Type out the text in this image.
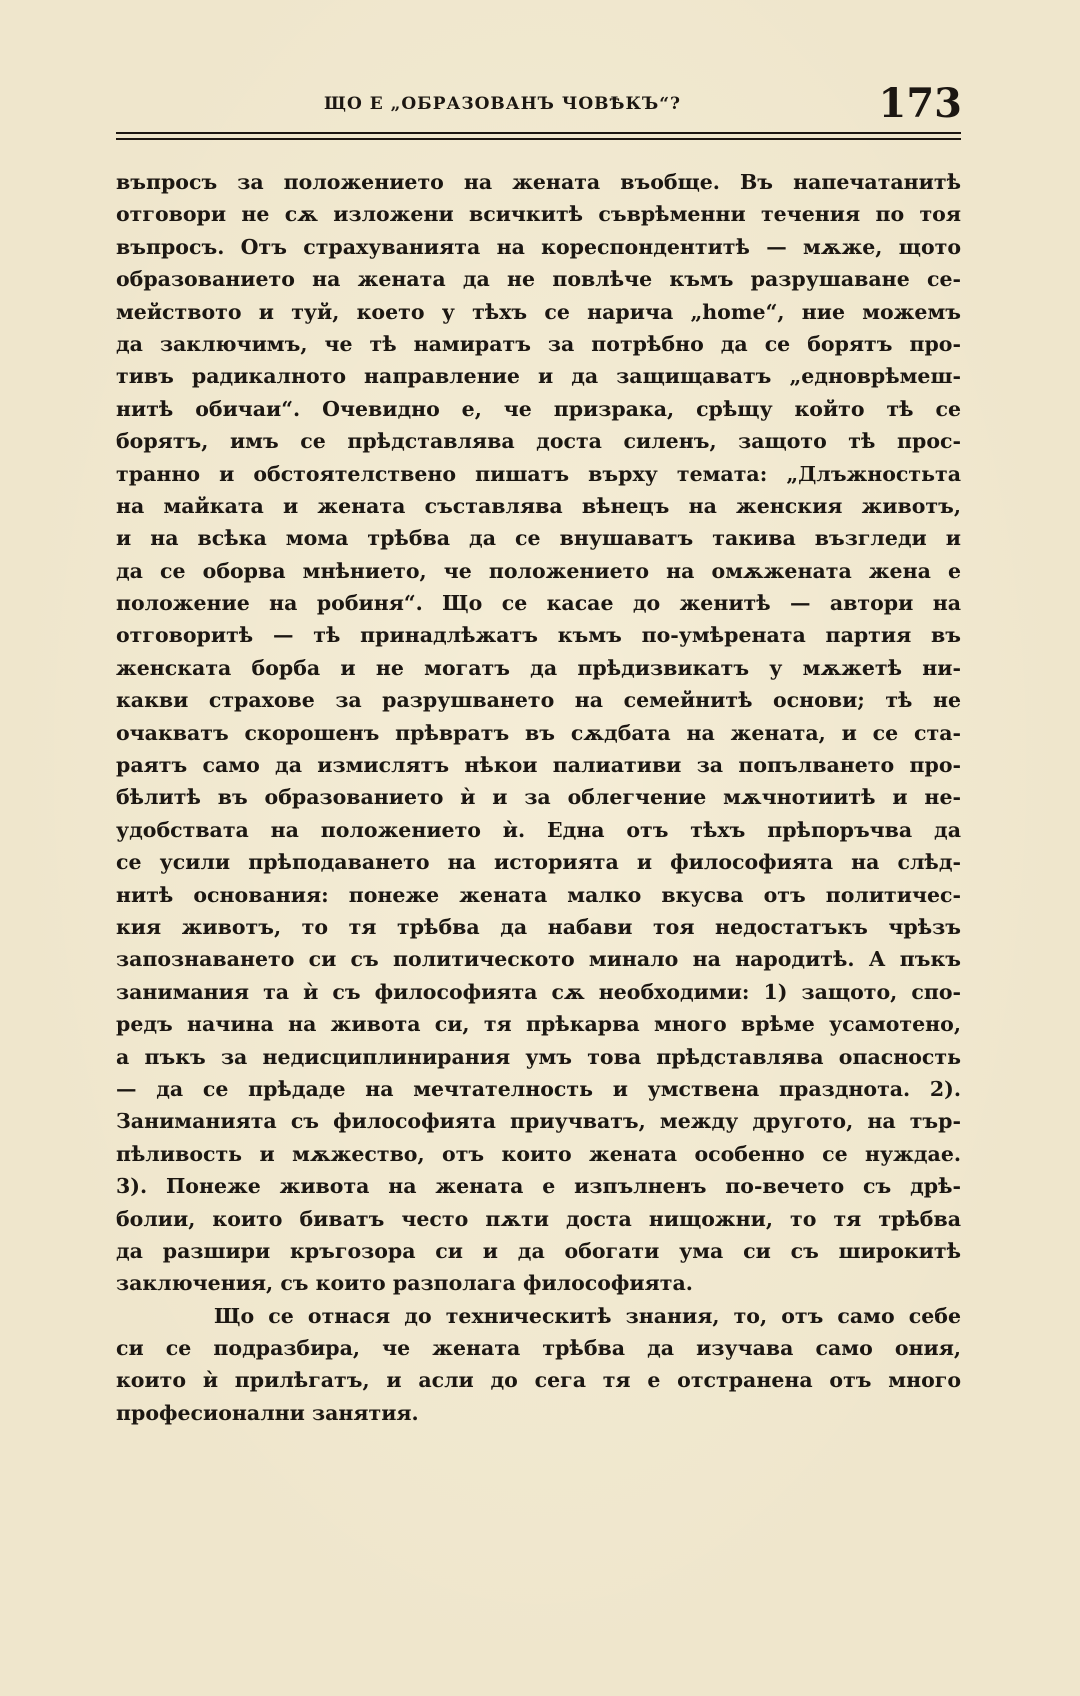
ЩО Е „ОБРАЗОВАНЪ ЧОВѢКЪ“?	173
въпросъ за положението на жената въобще. Въ напечатанитѣ
отговори не сѫ изложени всичкитѣ съврѣменни течения по тоя
въпросъ. Отъ страхуванията на кореспондентитѣ — мѫже, щото
образованието на жената да не повлѣче къмъ разрушаване се-
мейството и туй, което у тѣхъ се нарича „home“, ние можемъ
да заключимъ, че тѣ намиратъ за потрѣбно да се борятъ про-
тивъ радикалното направление и да защищаватъ „едноврѣмеш-
нитѣ обичаи“. Очевидно е, че призрака, срѣщу който тѣ се
борятъ, имъ се прѣдставлява доста силенъ, защото тѣ прос-
транно и обстоятелствено пишатъ върху темата: „Длъжностьта
на майката и жената съставлява вѣнецъ на женския животъ,
и на всѣка мома трѣбва да се внушаватъ такива възгледи и
да се оборва мнѣнието, че положението на омѫжената жена е
положение на робиня“. Що се касае до женитѣ — автори на
отговоритѣ — тѣ принадлѣжатъ къмъ по-умѣрената партия въ
женската борба и не могатъ да прѣдизвикатъ у мѫжетѣ ни-
какви страхове за разрушването на семейнитѣ основи; тѣ не
очакватъ скорошенъ прѣвратъ въ сѫдбата на жената, и се ста-
раятъ само да измислятъ нѣкои палиативи за попълването про-
бѣлитѣ въ образованието ѝ и за облегчение мѫчнотиитѣ и не-
удобствата на положението ѝ. Една отъ тѣхъ прѣпоръчва да
се усили прѣподаването на историята и философията на слѣд-
нитѣ основания: понеже жената малко вкусва отъ политичес-
кия животъ, то тя трѣбва да набави тоя недостатъкъ чрѣзъ
запознаването си съ политическото минало на народитѣ. А пъкъ
занимания та ѝ съ философията сѫ необходими: 1) защото, спо-
редъ начина на живота си, тя прѣкарва много врѣме усамотено,
а пъкъ за недисциплинирания умъ това прѣдставлява опасность
— да се прѣдаде на мечтателность и умствена празднота. 2).
Заниманията съ философията приучватъ, между другото, на тър-
пѣливость и мѫжество, отъ които жената особенно се нуждае.
3). Понеже живота на жената е изпълненъ по-вечето съ дрѣ-
болии, които биватъ често пѫти доста нищожни, то тя трѣбва
да разшири кръгозора си и да обогати ума си съ широкитѣ
заключения, съ които разполага философията.
Що се отнася до техническитѣ знания, то, отъ само себе
си се подразбира, че жената трѣбва да изучава само ония,
които ѝ прилѣгатъ, и асли до сега тя е отстранена отъ много
професионални занятия.
